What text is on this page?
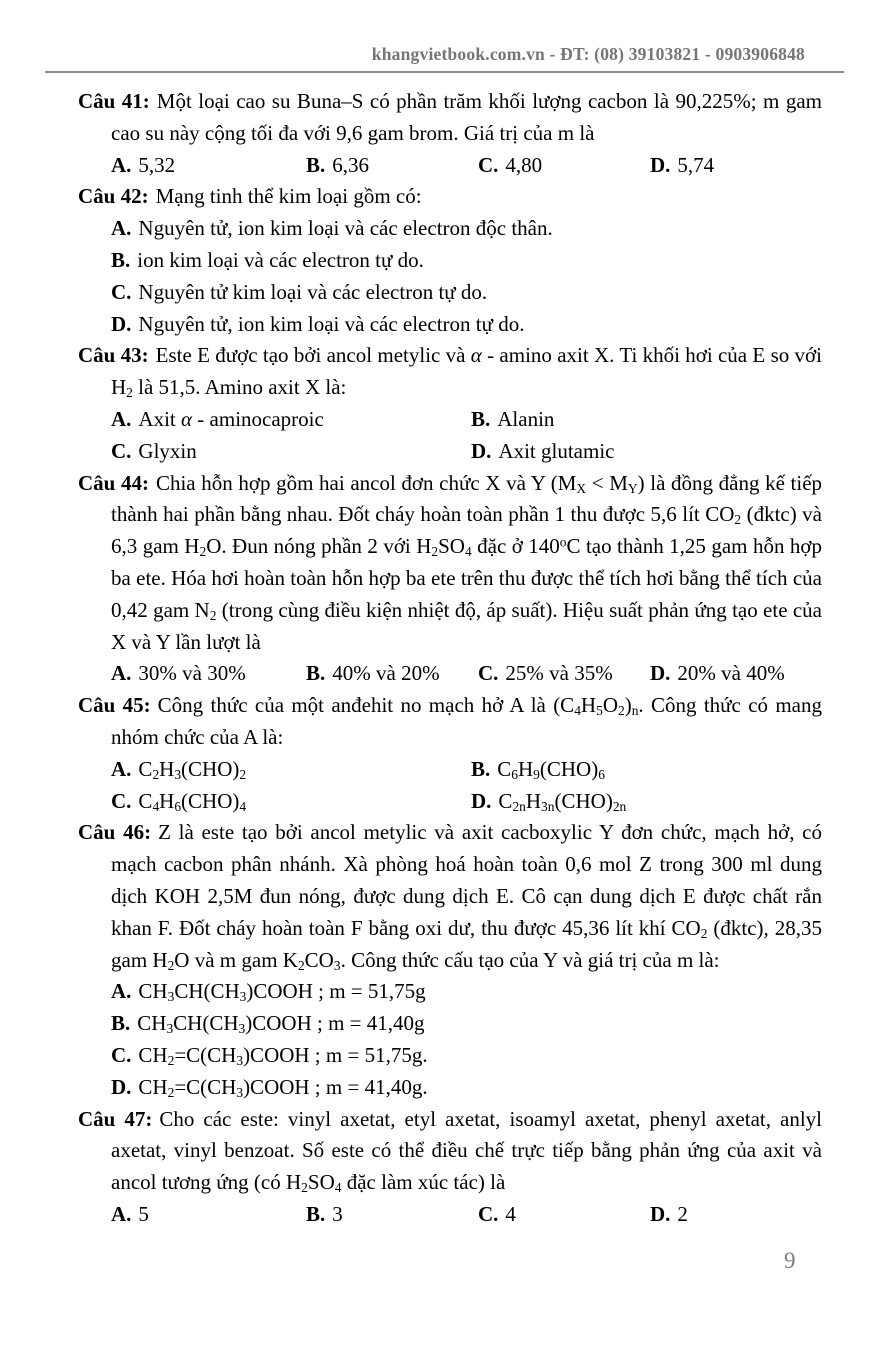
khangvietbook.com.vn - ĐT: (08) 39103821 - 0903906848

Câu 41: Một loại cao su Buna–S có phần trăm khối lượng cacbon là 90,225%; m gam cao su này cộng tối đa với 9,6 gam brom. Giá trị của m là

A. 5,32	B. 6,36	C. 4,80	D. 5,74

Câu 42: Mạng tinh thể kim loại gồm có:

A. Nguyên tử, ion kim loại và các electron độc thân.
B. ion kim loại và các electron tự do.
C. Nguyên tử kim loại và các electron tự do.
D. Nguyên tử, ion kim loại và các electron tự do.

Câu 43: Este E được tạo bởi ancol metylic và α - amino axit X. Ti khối hơi của E so với $H_2$ là 51,5. Amino axit X là:

A. Axit α - aminocaproic	B. Alanin
C. Glyxin	D. Axit glutamic

Câu 44: Chia hỗn hợp gồm hai ancol đơn chức X và Y $(M_X < M_Y)$ là đồng đẳng kế tiếp thành hai phần bằng nhau. Đốt cháy hoàn toàn phần 1 thu được 5,6 lít $CO_2$ (đktc) và 6,3 gam $H_2O$. Đun nóng phần 2 với $H_2SO_4$ đặc ở 140$^o$C tạo thành 1,25 gam hỗn hợp ba ete. Hóa hơi hoàn toàn hỗn hợp ba ete trên thu được thể tích hơi bằng thể tích của 0,42 gam $N_2$ (trong cùng điều kiện nhiệt độ, áp suất). Hiệu suất phản ứng tạo ete của X và Y lần lượt là

A. 30% và 30%	B. 40% và 20%	C. 25% và 35%	D. 20% và 40%

Câu 45: Công thức của một anđehit no mạch hở A là $(C_4H_5O_2)_n$. Công thức có mang nhóm chức của A là:

A. $C_2H_3(CHO)_2$	B. $C_6H_9(CHO)_6$
C. $C_4H_6(CHO)_4$	D. $C_{2n}H_{3n}(CHO)_{2n}$

Câu 46: Z là este tạo bởi ancol metylic và axit cacboxylic Y đơn chức, mạch hở, có mạch cacbon phân nhánh. Xà phòng hoá hoàn toàn 0,6 mol Z trong 300 ml dung dịch KOH 2,5M đun nóng, được dung dịch E. Cô cạn dung dịch E được chất rắn khan F. Đốt cháy hoàn toàn F bằng oxi dư, thu được 45,36 lít khí $CO_2$ (đktc), 28,35 gam $H_2O$ và m gam $K_2CO_3$. Công thức cấu tạo của Y và giá trị của m là:

A. $CH_3CH(CH_3)COOH$ ; m = 51,75g
B. $CH_3CH(CH_3)COOH$ ; m = 41,40g
C. $CH_2=C(CH_3)COOH$ ; m = 51,75g.
D. $CH_2=C(CH_3)COOH$ ; m = 41,40g.

Câu 47: Cho các este: vinyl axetat, etyl axetat, isoamyl axetat, phenyl axetat, anlyl axetat, vinyl benzoat. Số este có thể điều chế trực tiếp bằng phản ứng của axit và ancol tương ứng (có $H_2SO_4$ đặc làm xúc tác) là

A. 5	B. 3	C. 4	D. 2
9
